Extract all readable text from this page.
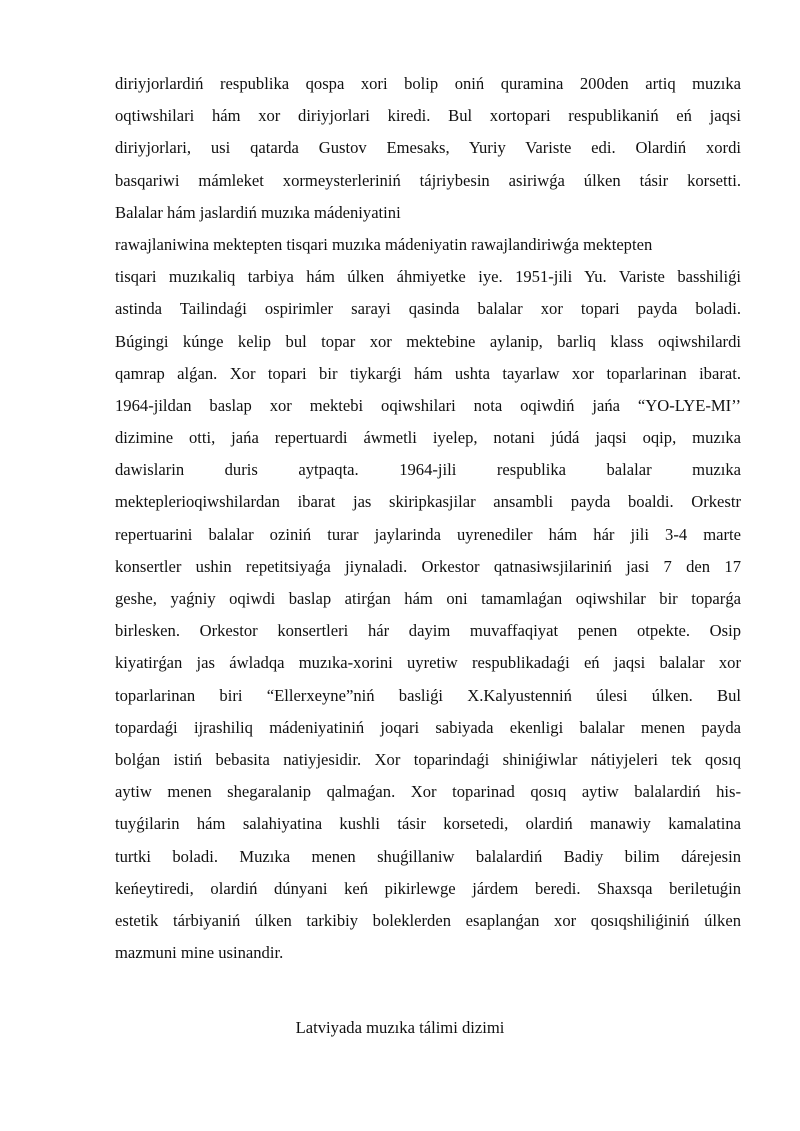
diriyjorlardiń respublika qospa xori bolip oniń quramina 200den artiq muzıka
oqtiwshilari hám xor diriyjorlari kiredi. Bul xortopari respublikaniń eń jaqsi
diriyjorlari, usi qatarda Gustov Emesaks, Yuriy Variste edi. Olardiń xordi
basqariwi mámleket xormeysterleriniń tájriybesin asiriwǵa úlken tásir korsetti.
Balalar hám jaslardiń muzıka mádeniyatini
rawajlaniwina mektepten tisqari muzıka mádeniyatin rawajlandiriwǵa mektepten
tisqari muzıkaliq tarbiya hám úlken áhmiyetke iye. 1951-jili Yu. Variste basshiliǵi
astinda Tailindaǵi ospirimler sarayi qasinda balalar xor topari payda boladi.
Búgingi kúnge kelip bul topar xor mektebine aylanip, barliq klass oqiwshilardi
qamrap alǵan. Xor topari bir tiykarǵi hám ushta tayarlaw xor toparlarinan ibarat.
1964-jildan baslap xor mektebi oqiwshilari nota oqiwdiń jańa “YO-LYE-MI’’
dizimine otti, jańa repertuardi áwmetli iyelep, notani júdá jaqsi oqip, muzıka
dawislarin duris aytpaqta. 1964-jili respublika balalar muzıka
mekteplerioqiwshilardan ibarat jas skiripkasjilar ansambli payda boaldi. Orkestr
repertuarini balalar oziniń turar jaylarinda uyrenediler hám hár jili 3-4 marte
konsertler ushin repetitsiyaǵa jiynaladi. Orkestor qatnasiwsjilariniń jasi 7 den 17
geshe, yaǵniy oqiwdi baslap atirǵan hám oni tamamlaǵan oqiwshilar bir toparǵa
birlesken. Orkestor konsertleri hár dayim muvaffaqiyat penen otpekte. Osip
kiyatirǵan jas áwladqa muzıka-xorini uyretiw respublikadaǵi eń jaqsi balalar xor
toparlarinan biri “Ellerxeyne”niń basliǵi X.Kalyustenniń úlesi úlken. Bul
topardaǵi ijrashiliq mádeniyatiniń joqari sabiyada ekenligi balalar menen payda
bolǵan istiń bebasita natiyjesidir. Xor toparindaǵi shiniǵiwlar nátiyjeleri tek qosıq
aytiw menen shegaralanip qalmaǵan. Xor toparinad qosıq aytiw balalardiń his-
tuyǵilarin hám salahiyatina kushli tásir korsetedi, olardiń manawiy kamalatina
turtki boladi. Muzıka menen shuǵillaniw balalardiń Badiy bilim dárejesin
keńeytiredi, olardiń dúnyani keń pikirlewge járdem beredi. Shaxsqa beriletuǵin
estetik tárbiyaniń úlken tarkibiy boleklerden esaplanǵan xor qosıqshiliǵiniń úlken
mazmuni mine usinandir.
Latviyada muzıka tálimi dizimi
